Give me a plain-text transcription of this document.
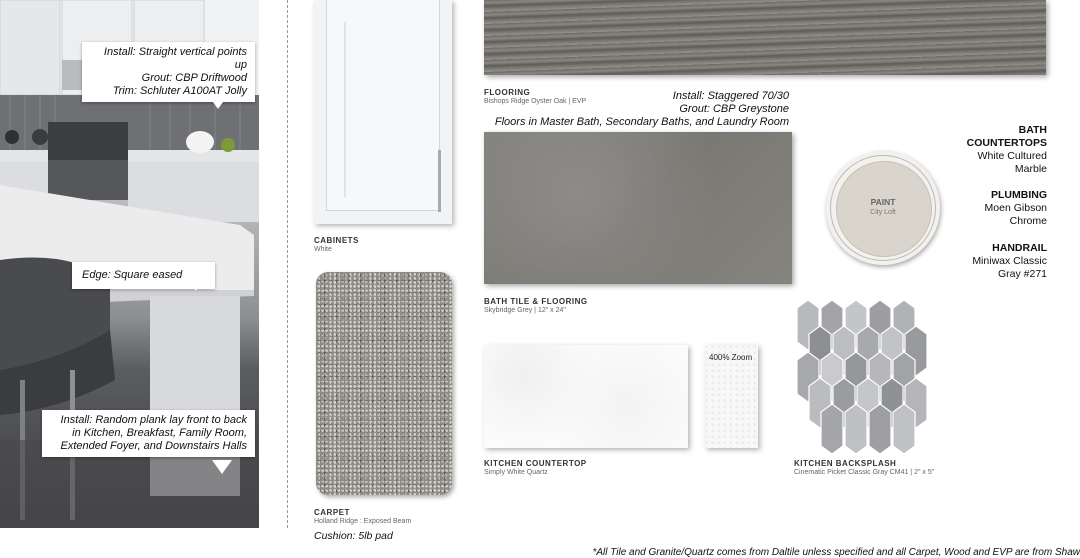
Install: Straight vertical points up
Grout: CBP Driftwood
Trim: Schluter A100AT Jolly
Edge: Square eased
Install: Random plank lay front to back
in Kitchen, Breakfast, Family Room,
Extended Foyer, and Downstairs Halls
CABINETS
White
CARPET
Holland Ridge : Exposed Beam
Cushion: 5lb pad
FLOORING
Bishops Ridge Oyster Oak | EVP	Install: Staggered 70/30
Grout: CBP Greystone
Floors in Master Bath, Secondary Baths, and Laundry Room
BATH TILE & FLOORING
Skybridge Grey | 12" x 24"
PAINT
City Loft
BATH
COUNTERTOPS
White Cultured
Marble
PLUMBING
Moen Gibson
Chrome
HANDRAIL
Miniwax Classic
Gray #271
400% Zoom
KITCHEN COUNTERTOP
Simply White Quartz
KITCHEN BACKSPLASH
Cinematic Picket Classic Gray CM41 | 2" x 5"
*All Tile and Granite/Quartz comes from Daltile unless specified and all Carpet, Wood and EVP are from Shaw
